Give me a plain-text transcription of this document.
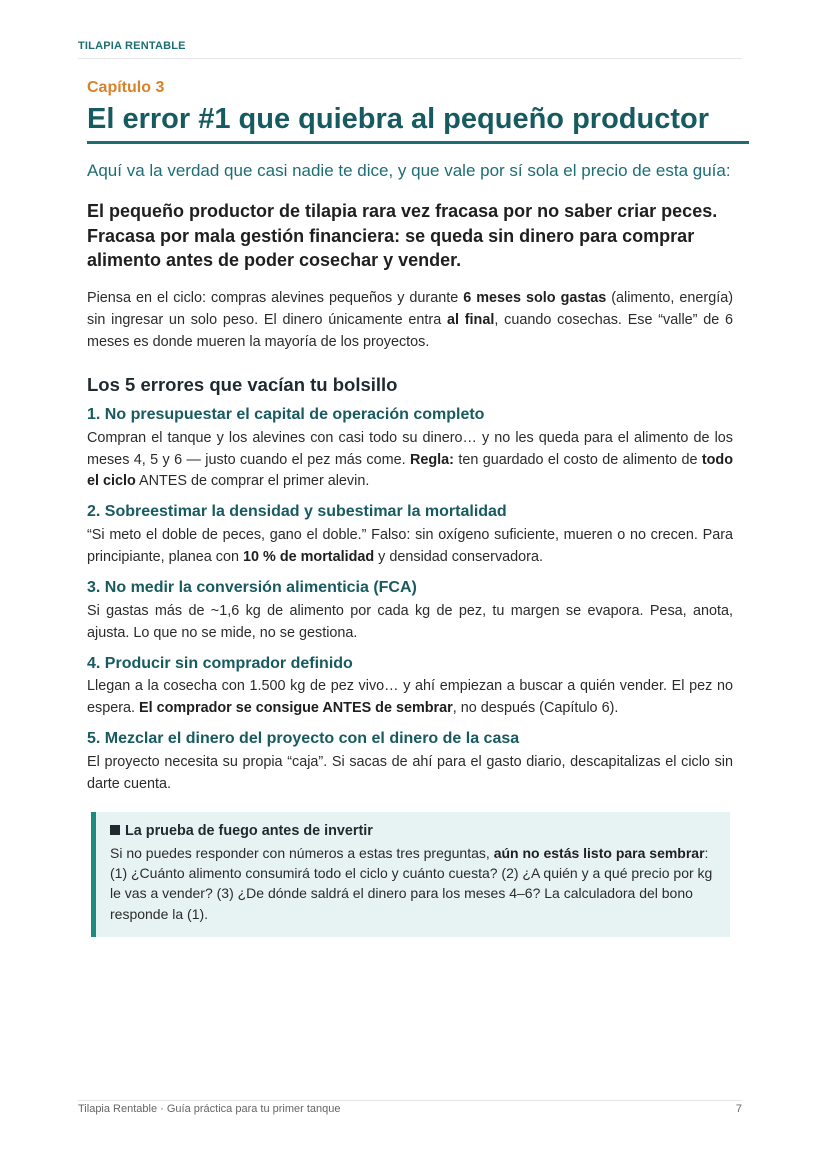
TILAPIA RENTABLE
Capítulo 3
El error #1 que quiebra al pequeño productor
Aquí va la verdad que casi nadie te dice, y que vale por sí sola el precio de esta guía:
El pequeño productor de tilapia rara vez fracasa por no saber criar peces. Fracasa por mala gestión financiera: se queda sin dinero para comprar alimento antes de poder cosechar y vender.

Piensa en el ciclo: compras alevines pequeños y durante 6 meses solo gastas (alimento, energía) sin ingresar un solo peso. El dinero únicamente entra al final, cuando cosechas. Ese “valle” de 6 meses es donde mueren la mayoría de los proyectos.

Los 5 errores que vacían tu bolsillo
1. No presupuestar el capital de operación completo

Compran el tanque y los alevines con casi todo su dinero… y no les queda para el alimento de los meses 4, 5 y 6 — justo cuando el pez más come. Regla: ten guardado el costo de alimento de todo el ciclo ANTES de comprar el primer alevin.

2. Sobreestimar la densidad y subestimar la mortalidad

“Si meto el doble de peces, gano el doble.” Falso: sin oxígeno suficiente, mueren o no crecen. Para principiante, planea con 10 % de mortalidad y densidad conservadora.

3. No medir la conversión alimenticia (FCA)

Si gastas más de ~1,6 kg de alimento por cada kg de pez, tu margen se evapora. Pesa, anota, ajusta. Lo que no se mide, no se gestiona.

4. Producir sin comprador definido

Llegan a la cosecha con 1.500 kg de pez vivo… y ahí empiezan a buscar a quién vender. El pez no espera. El comprador se consigue ANTES de sembrar, no después (Capítulo 6).

5. Mezclar el dinero del proyecto con el dinero de la casa

El proyecto necesita su propia “caja”. Si sacas de ahí para el gasto diario, descapitalizas el ciclo sin darte cuenta.

La prueba de fuego antes de invertir
Si no puedes responder con números a estas tres preguntas, aún no estás listo para sembrar: (1) ¿Cuánto alimento consumirá todo el ciclo y cuánto cuesta? (2) ¿A quién y a qué precio por kg le vas a vender? (3) ¿De dónde saldrá el dinero para los meses 4–6? La calculadora del bono responde la (1).
Tilapia Rentable · Guía práctica para tu primer tanque	7
